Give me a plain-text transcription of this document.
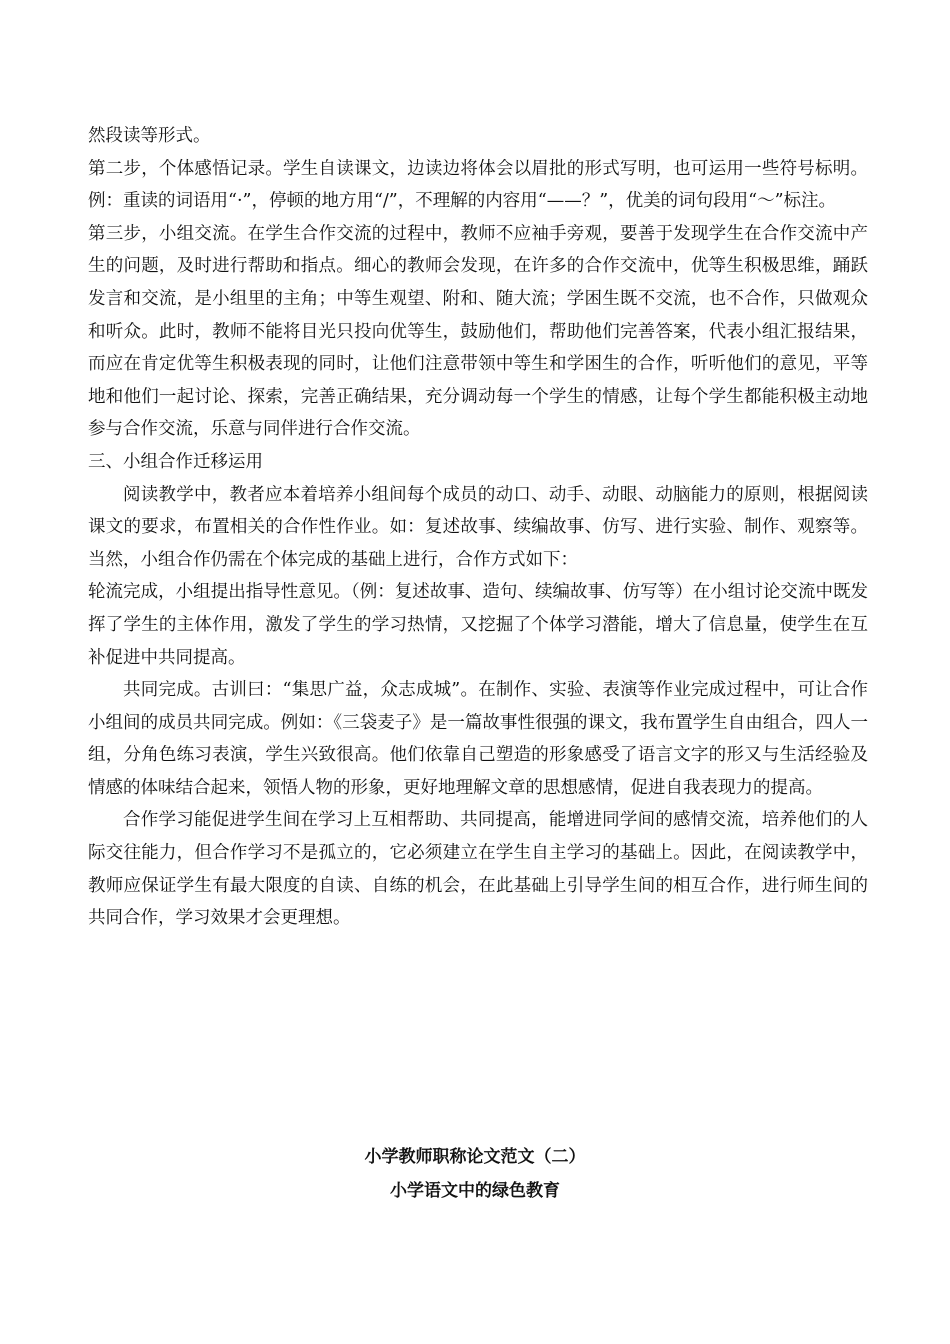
然段读等形式。

第二步，个体感悟记录。学生自读课文，边读边将体会以眉批的形式写明，也可运用一些符号标明。例：重读的词语用“·”，停顿的地方用“/”，不理解的内容用“——？”，优美的词句段用“～”标注。

第三步，小组交流。在学生合作交流的过程中，教师不应袖手旁观，要善于发现学生在合作交流中产生的问题，及时进行帮助和指点。细心的教师会发现，在许多的合作交流中，优等生积极思维，踊跃发言和交流，是小组里的主角；中等生观望、附和、随大流；学困生既不交流，也不合作，只做观众和听众。此时，教师不能将目光只投向优等生，鼓励他们，帮助他们完善答案，代表小组汇报结果，而应在肯定优等生积极表现的同时，让他们注意带领中等生和学困生的合作，听听他们的意见，平等地和他们一起讨论、探索，完善正确结果，充分调动每一个学生的情感，让每个学生都能积极主动地参与合作交流，乐意与同伴进行合作交流。

三、小组合作迁移运用

阅读教学中，教者应本着培养小组间每个成员的动口、动手、动眼、动脑能力的原则，根据阅读课文的要求，布置相关的合作性作业。如：复述故事、续编故事、仿写、进行实验、制作、观察等。当然，小组合作仍需在个体完成的基础上进行，合作方式如下：

轮流完成，小组提出指导性意见。（例：复述故事、造句、续编故事、仿写等）在小组讨论交流中既发挥了学生的主体作用，激发了学生的学习热情，又挖掘了个体学习潜能，增大了信息量，使学生在互补促进中共同提高。

共同完成。古训曰：“集思广益，众志成城”。在制作、实验、表演等作业完成过程中，可让合作小组间的成员共同完成。例如：《三袋麦子》是一篇故事性很强的课文，我布置学生自由组合，四人一组，分角色练习表演，学生兴致很高。他们依靠自己塑造的形象感受了语言文字的形又与生活经验及情感的体味结合起来，领悟人物的形象，更好地理解文章的思想感情，促进自我表现力的提高。

合作学习能促进学生间在学习上互相帮助、共同提高，能增进同学间的感情交流，培养他们的人际交往能力，但合作学习不是孤立的，它必须建立在学生自主学习的基础上。因此，在阅读教学中，教师应保证学生有最大限度的自读、自练的机会，在此基础上引导学生间的相互合作，进行师生间的共同合作，学习效果才会更理想。

小学教师职称论文范文（二）
小学语文中的绿色教育
